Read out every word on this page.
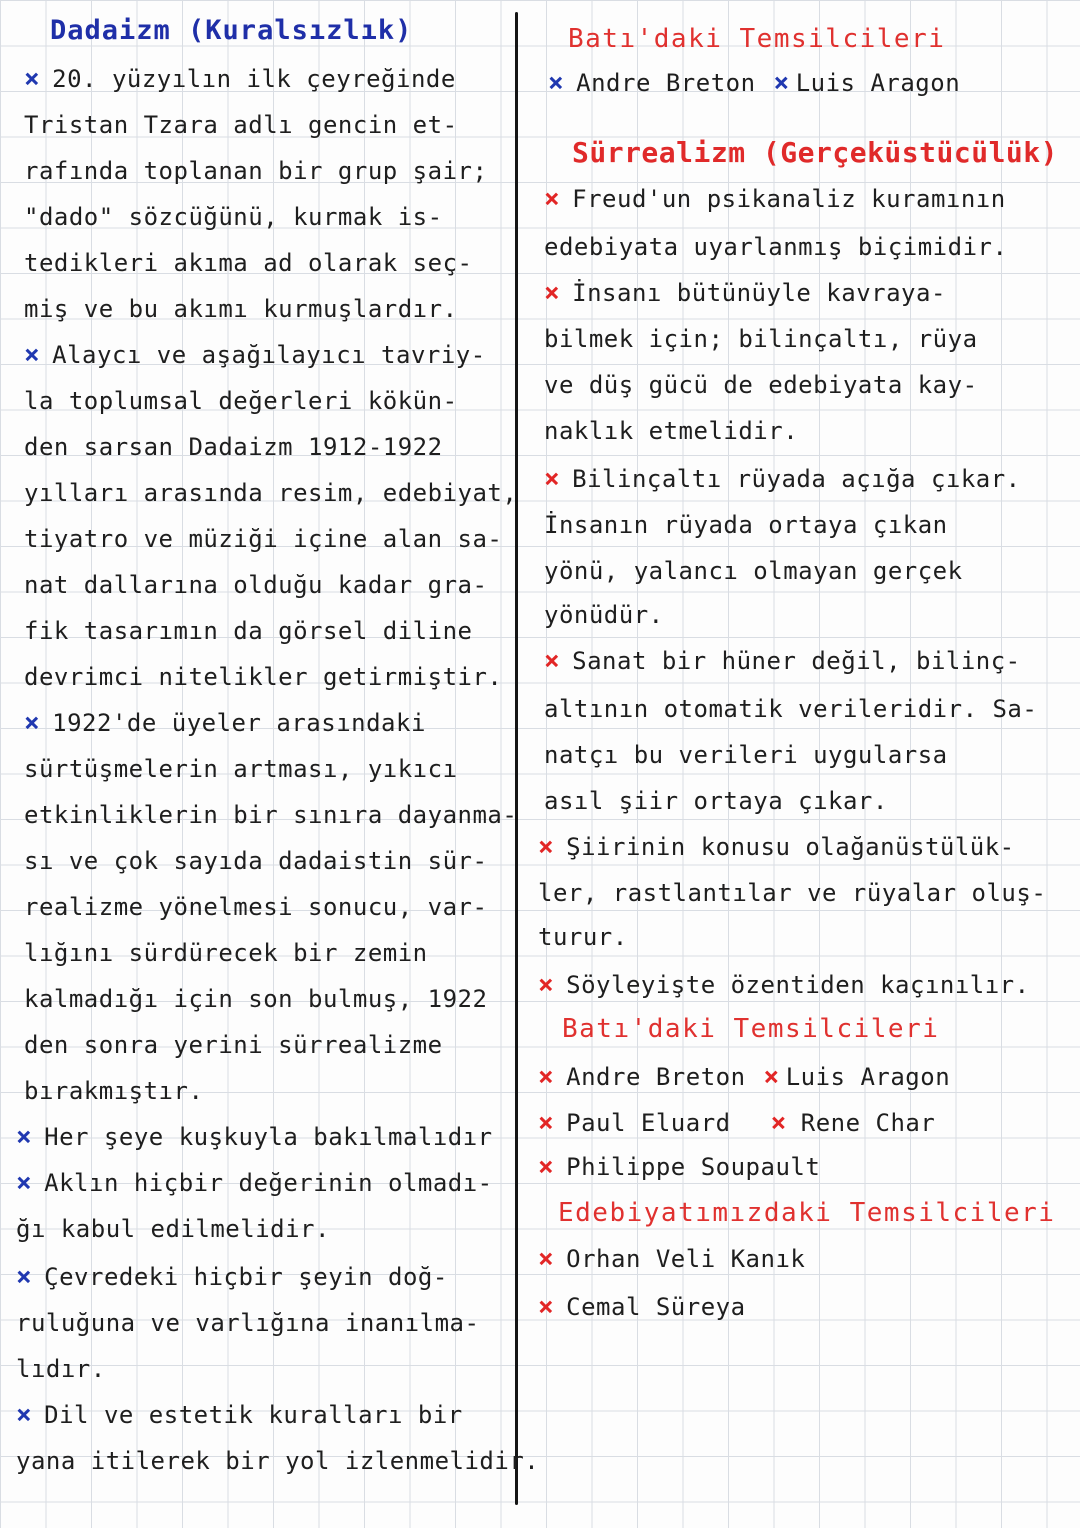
Dadaizm (Kuralsızlık)
× 20. yüzyılın ilk çeyreğinde
Tristan Tzara adlı gencin et-
rafında toplanan bir grup şair;
"dado" sözcüğünü, kurmak is-
tedikleri akıma ad olarak seç-
miş ve bu akımı kurmuşlardır.
× Alaycı ve aşağılayıcı tavriy-
la toplumsal değerleri kökün-
den sarsan Dadaizm 1912-1922
yılları arasında resim, edebiyat,
tiyatro ve müziği içine alan sa-
nat dallarına olduğu kadar gra-
fik tasarımın da görsel diline
devrimci nitelikler getirmiştir.
× 1922'de üyeler arasındaki
sürtüşmelerin artması, yıkıcı
etkinliklerin bir sınıra dayanma-
sı ve çok sayıda dadaistin sür-
realizme yönelmesi sonucu, var-
lığını sürdürecek bir zemin
kalmadığı için son bulmuş, 1922
den sonra yerini sürrealizme
bırakmıştır.
× Her şeye kuşkuyla bakılmalıdır
× Aklın hiçbir değerinin olmadı-
ğı kabul edilmelidir.
× Çevredeki hiçbir şeyin doğ-
ruluğuna ve varlığına inanılma-
lıdır.
× Dil ve estetik kuralları bir
yana itilerek bir yol izlenmelidir.
Batı'daki Temsilcileri
× Andre Breton × Luis Aragon
Sürrealizm (Gerçeküstücülük)
× Freud'un psikanaliz kuramının
edebiyata uyarlanmış biçimidir.
× İnsanı bütünüyle kavraya-
bilmek için; bilinçaltı, rüya
ve düş gücü de edebiyata kay-
naklık etmelidir.
× Bilinçaltı rüyada açığa çıkar.
İnsanın rüyada ortaya çıkan
yönü, yalancı olmayan gerçek
yönüdür.
× Sanat bir hüner değil, bilinç-
altının otomatik verileridir. Sa-
natçı bu verileri uygularsa
asıl şiir ortaya çıkar.
× Şiirinin konusu olağanüstülük-
ler, rastlantılar ve rüyalar oluş-
turur.
× Söyleyişte özentiden kaçınılır.
Batı'daki Temsilcileri
× Andre Breton × Luis Aragon
× Paul Eluard × Rene Char
× Philippe Soupault
Edebiyatımızdaki Temsilcileri
× Orhan Veli Kanık
× Cemal Süreya
